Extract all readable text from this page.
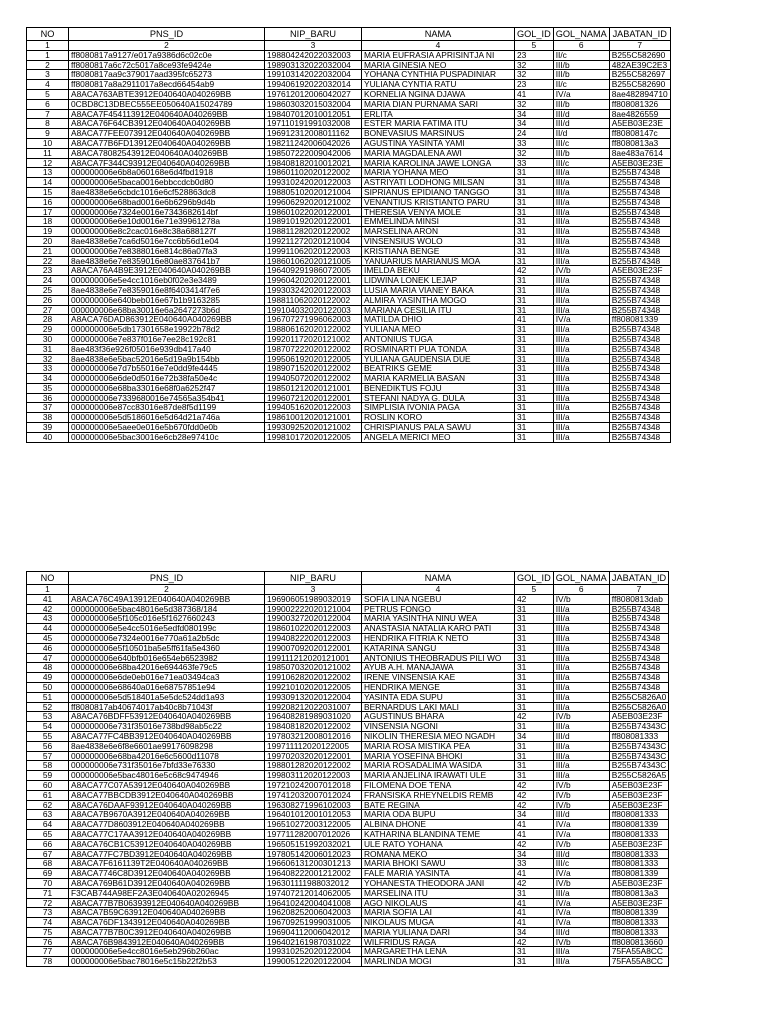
NO	PNS_ID	NIP_BARU	NAMA	GOL_ID	GOL_NAMA	JABATAN_ID
1	2	3	4	5	6	7
1	ff8080817a9127/e017a9386d6c02c0e	198804242022032003	MARIA EUFRASIA APRISINTJA NI	23	II/c	B255C582690
2	ff8080817a6c72c5017a8ce93fe9424e	198903132022032004	MARIA GINESIA NEO	32	III/b	482AE39C2E3
3	ff8080817aa9c379017aad395fc65273	199103142022032004	YOHANA CYNTHIA PUSPADINIAR	32	III/b	B255C582697
4	ff8080817a8a2911017a8ecd66454ab9	199406192022032014	YULIANA CYNTIA RATU	23	II/c	B255C582690
5	A8ACA763ABTE3912E040640A040269BB	197612012006042027	KORNELIA NGINA DJAWA	41	IV/a	8ae482894710
6	0CBD8C13DBEC555EE050640A15024789	198603032015032004	MARIA DIAN PURNAMA SARI	32	III/b	ff808081326
7	A8ACA7F454113912E040640A040269BB	198407012010012051	ERLITA	34	III/d	8ae4826559
8	A8ACA76F64CB3912E040640A040269BB	197110191991032008	ESTER MARIA FATIMA ITU	34	III/d	A5EB03E23E
9	A8ACA77FEE073912E040640A040269BB	196912312008011162	BONEVASIUS MARSINUS	24	II/d	ff80808147c
10	A8ACA77B6FD13912E040640A040269BB	198211242006042026	AGUSTINA YASINTA YAMI	33	III/c	ff8080813a3
11	A8ACA78082543912E040640A040269BB	198507222009042006	MARIA MAGDALENA AWI	32	III/b	8ae483a7614
12	A8ACA7F344C93912E040640A040269BB	198408182010012021	MARIA KAROLINA JAWE LONGA	33	III/c	A5EB03E23E
13	000000006e6b8a060168e6d4fbd1918	198601102020122002	MARIA YOHANA MEO	31	III/a	B255B74348
14	000000006e5baca0016ebbccdcb0d80	199310242020122003	ASTRIYATI LODHONG MILSAN	31	III/a	B255B74348
15	8ae4838e6e6cbdc1016e6cf528863dc8	198805102020121004	SIPRIANUS EPIDIANO TANGGO	31	III/a	B255B74348
16	000000006e68bad0016e6b6296b9d4b	199606292020121002	VENANTIUS KRISTIANTO PARU	31	III/a	B255B74348
17	000000006e7324e0016e7343682614bf	198601022020122001	THERESIA VENYA MOLE	31	III/a	B255B74348
18	000000006e6e10d0016e71e39961278a	198910192020122001	EMMELINDA MINSI	31	III/a	B255B74348
19	000000006e8c2cac016e8c38a688127f	198811282020122002	MARSELINA ARON	31	III/a	B255B74348
20	8ae4838e6e7ca6d5016e7cc6b56d1e04	199211272020121004	VINSENSIUS WOLO	31	III/a	B255B74348
21	000000006e7e8388016e814c86a07fa3	199911062020122003	KRISTIANA BENGE	31	III/a	B255B74348
22	8ae4838e6e7e8359016e80ae837641b7	198601062020121005	YANUARIUS MARIANUS MOA	31	III/a	B255B74348
23	A8ACA76A4B9E3912E040640A040269BB	196409291986072005	IMELDA BEKU	42	IV/b	A5EB03E23F
24	000000006e5e4cc1016eb0f02e3e3489	199604202020122001	LIDWINA LONEK LEJAP	31	III/a	B255B74348
25	8ae4838e6e7e8359016e8f6403414f7e6	199303242020122003	LUSIA MARIA VIANEY BAKA	31	III/a	B255B74348
26	000000006e640beb016e67b1b9163285	198811062020122002	ALMIRA YASINTHA MOGO	31	III/a	B255B74348
27	000000006e68ba30016e6a2647273b6d	199104032020122003	MARIANA CESILIA ITU	31	III/a	B255B74348
28	A8ACA76DAD863912E040640A040269BB	196707271996062003	MATILDA DHIO	41	IV/a	ff808081339
29	000000006e5db17301658e19922b78d2	198806162020122002	YULIANA MEO	31	III/a	B255B74348
30	000000006e7e837f016e7ee28c192c81	199201172020121002	ANTONIUS TUGA	31	III/a	B255B74348
31	8ae483f36e926f05016e939db417a40	198707222020122002	ROSMINARTI PUA TONDA	31	III/a	B255B74348
32	8ae4838e6e5bac52016e5d19a9b154bb	199506192020122005	YULIANA GAUDENSIA DUE	31	III/a	B255B74348
33	000000006e7d7b55016e7e0dd9fe4445	198907152020122002	BEATRIKS GEME	31	III/a	B255B74348
34	000000006e6de0d5016e72b38fa50e4c	199405072020122002	MARIA KARMELIA BASAN	31	III/a	B255B74348
35	000000006e68ba33016e68f0a6252f47	198501212020121001	BENEDIKTUS FOJU	31	III/a	B255B74348
36	000000006e7339680016e74565a354b41	199607212020122001	STEFANI NADYA G. DULA	31	III/a	B255B74348
37	000000006e87cc83016e87de8f5d1199	199405162020122003	SIMPLISIA IVONIA PAGA	31	III/a	B255B74348
38	000000006e5d5186016e5d64d21a746a	198610012020121001	ROSLIN KORO	31	III/a	B255B74348
39	000000006e5aee0e016e5b670fdd0e0b	199309252020121002	CHRISPIANUS PALA SAWU	31	III/a	B255B74348
40	000000006e5bac30016e6cb28e97410c	199810172020122005	ANGELA MERICI MEO	31	III/a	B255B74348
NO	PNS_ID	NIP_BARU	NAMA	GOL_ID	GOL_NAMA	JABATAN_ID
1	2	3	4	5	6	7
41	A8ACA76C49A13912E040640A040269BB	196906051989032019	SOFIA LINA NGEBU	42	IV/b	ff8080813dab
42	000000006e5bac48016e5d387368/184	199002222020121004	PETRUS FONGO	31	III/a	B255B74348
43	000000006e5f105c016e5f1627660243	199003272020122004	MARIA YASINTHA NINU WEA	31	III/a	B255B74348
44	000000006e5e4cc5016e5edfd080199c	198601022020122003	ANASTASIA NATALIA KARO PATI	31	III/a	B255B74348
45	000000006e7324e0016e770a61a2b5dc	199408222020122003	HENDRIKA FITRIA K NETO	31	III/a	B255B74348
46	000000006e5f10501ba5e5ff61fa5e4360	199007092020122001	KATARINA SANGU	31	III/a	B255B74348
47	000000006e640bfb016e654eb6523982	199111212020121001	ANTONIUS THEOBRADUS PILI WO	31	III/a	B255B74348
48	000000006e68ba42016e694463fe79c5	198507032020121002	AYUB A.H. MANAJAWA	31	III/a	B255B74348
49	000000006e6de0eb016e71ea03494ca3	199106282020122002	IRENE VINSENSIA KAE	31	III/a	B255B74348
50	000000006e68640a016e68757851e94	199210102020122005	HENDRIKA MENGE	31	III/a	B255B74348
51	000000006e5d518401a5e5dc524dd1a93	199309132020122004	YASINTA EDA SUPU	31	III/a	B255C5826A0
52	ff8080817ab40674017ab40c8b71043f	199208212022031007	BERNARDUS LAKI MALI	31	III/a	B255C5826A0
53	A8ACA76BDFF53912E040640A040269BB	196408281989031020	AGUSTINUS BHARA	42	IV/b	A5EB03E23F
54	000000006e731f35016e738bd98ab5c22	198408182020122002	VINSENSIA NGONI	31	III/a	B255B74343C
55	A8ACA77FC4BB3912E040640A040269BB	197803212008012016	NIKOLIN THERESIA MEO NGADH	34	III/d	ff808081333
56	8ae4838e6e6f8e6601ae99176098298	199711112020122005	MARIA ROSA MISTIKA PEA	31	III/a	B255B74343C
57	000000006e68ba42016e6c5600d11078	199702032020122001	MARIA YOSEFINA BHOKI	31	III/a	B255B74343C
58	000000006e731f35016e7bfd33e76330	198801282020122002	MARIA ROSADALIMA WASIDA	31	III/a	B255B74343C
59	000000006e5bac48016e5c68c9474946	199803112020122003	MARIA ANJELINA IRAWATI ULE	31	III/a	B255C5826A5
60	A8ACA77C07A53912E040640A040269BB	197210242007012018	FILOMENA DOE TENA	42	IV/b	A5EB03E23F
61	A8ACA77BBCDB3912E040640A040269BB	197412032007012024	FRANSISKA RHEYNELDIS REMB	42	IV/b	A5EB03E23F
62	A8ACA76DAAF93912E040640A040269BB	196308271996102003	BATE REGINA	42	IV/b	A5EB03E23F
63	A8ACA7B9670A3912E040640A040269BB	196401012001012053	MARIA ODA BUPU	34	III/d	ff808081333
64	A8ACA77D8603912E040640A040269BB	196510272003122005	ALBINA DHONE	41	IV/a	ff808081339
65	A8ACA77C17AA3912E040640A040269BB	197711282007012026	KATHARINA BLANDINA TEME	41	IV/a	ff808081333
66	A8ACA76CB1C53912E040640A040269BB	196505151992032021	ULE RATO YOHANA	42	IV/b	A5EB03E23F
67	A8ACA77FC7BD3912E040640A040269BB	197805142006012023	ROMANA MEKO	34	III/d	ff808081333
68	A8ACA7F6161139T2E040640A040269BB	196606131200301213	MARIA BHOKI SAWU	33	III/c	ff808081333
69	A8ACA7746C8D3912E040640A040269BB	196408222001212002	FALE MARIA YASINTA	41	IV/a	ff808081339
70	A8ACA769B61D3912E040640A040269BB	196301111988032012	YOHANESTA THEODORA JANI	42	IV/b	A5EB03E23F
71	F3CAB744A98EF2A3E040640A02026945	197407212014062005	MARSELINA ITU	31	III/a	ff8080813a3
72	A8ACA77B7B06393912E040640A040269BB	196410242004041008	AGO NIKOLAUS	41	IV/a	A5EB03E23F
73	A8ACA7B59C63912E040640A040269BB	196208252006042003	MARIA SOFIA LAI	41	IV/a	ff808081339
74	A8ACA76DF1343912E040640A040269BB	196709251999031005	NIKOLAUS MUGA	41	IV/a	ff808081333
75	A8ACA77B7B0C3912E040640A040269BB	196904112006042012	MARIA YULIANA DARI	34	III/d	ff808081333
76	A8ACA76B9843912E040640A040269BB	196402161987031022	WILFRIDUS RAGA	42	IV/b	ff8080813660
77	000000006e5e4cc8016e5eb296b260ac	199310252020122004	MARGARETHA LENA	31	III/a	75FA55A8CC
78	000000006e5bac78016e5c15b22f2b53	199005122020122004	MARLINDA MOGI	31	III/a	75FA55A8CC
